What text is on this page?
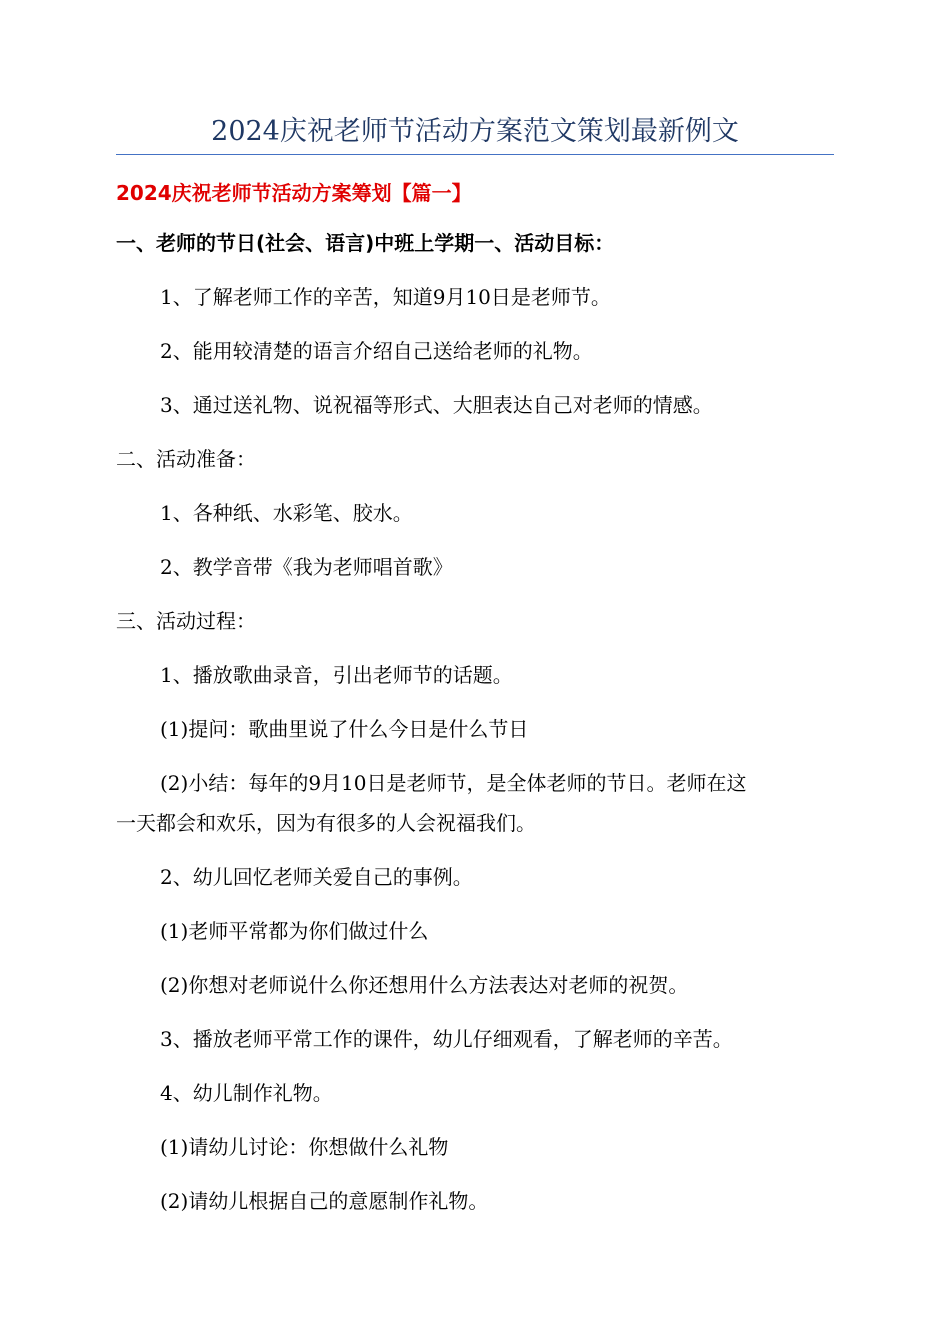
2024庆祝老师节活动方案范文策划最新例文
2024庆祝老师节活动方案筹划【篇一】
一、老师的节日(社会、语言)中班上学期一、活动目标：
1、了解老师工作的辛苦，知道9月10日是老师节。
2、能用较清楚的语言介绍自己送给老师的礼物。
3、通过送礼物、说祝福等形式、大胆表达自己对老师的情感。
二、活动准备：
1、各种纸、水彩笔、胶水。
2、教学音带《我为老师唱首歌》
三、活动过程：
1、播放歌曲录音，引出老师节的话题。
(1)提问：歌曲里说了什么今日是什么节日
(2)小结：每年的9月10日是老师节，是全体老师的节日。老师在这
一天都会和欢乐，因为有很多的人会祝福我们。
2、幼儿回忆老师关爱自己的事例。
(1)老师平常都为你们做过什么
(2)你想对老师说什么你还想用什么方法表达对老师的祝贺。
3、播放老师平常工作的课件，幼儿仔细观看，了解老师的辛苦。
4、幼儿制作礼物。
(1)请幼儿讨论：你想做什么礼物
(2)请幼儿根据自己的意愿制作礼物。
